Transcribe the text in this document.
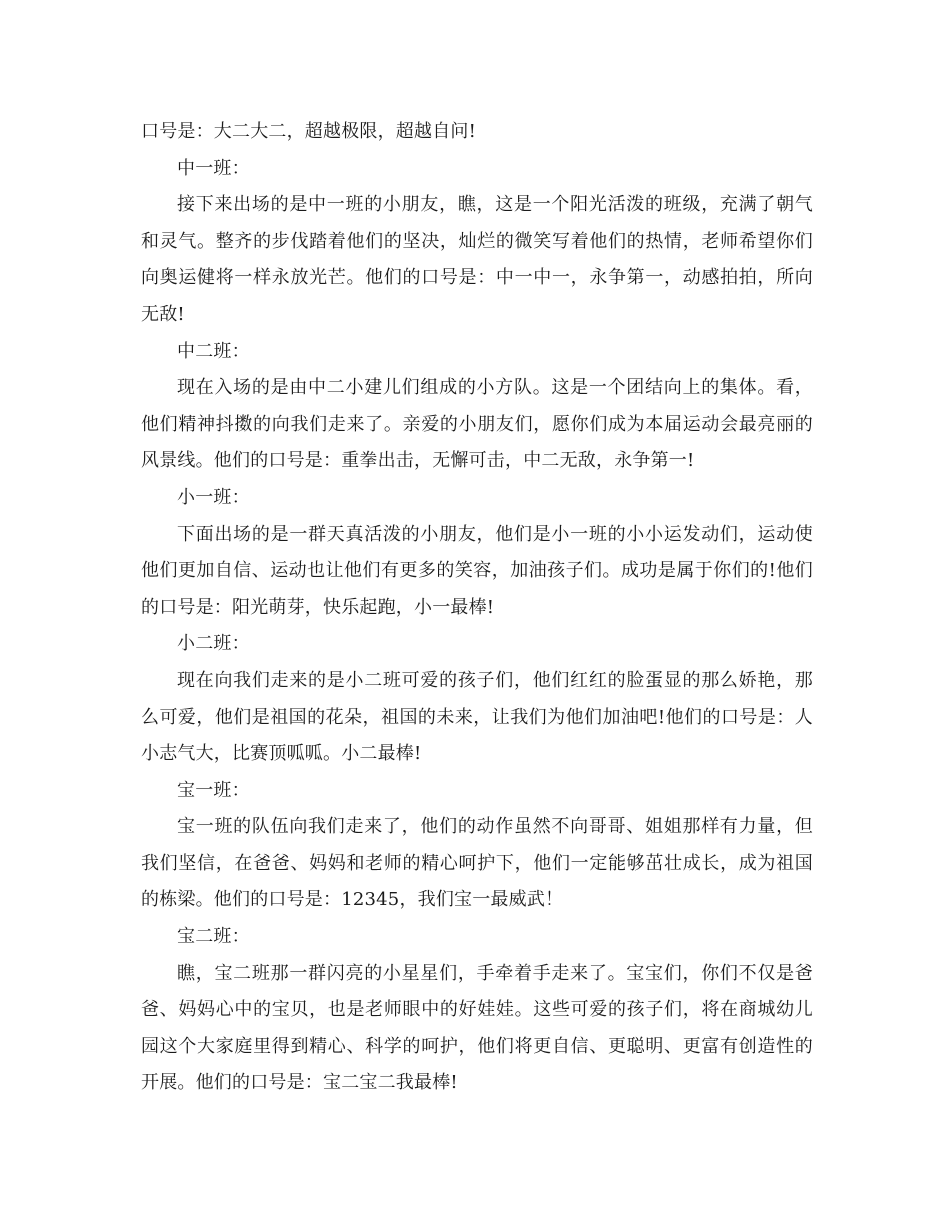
口号是：大二大二，超越极限，超越自问!

中一班：

接下来出场的是中一班的小朋友，瞧，这是一个阳光活泼的班级，充满了朝气和灵气。整齐的步伐踏着他们的坚决，灿烂的微笑写着他们的热情，老师希望你们向奥运健将一样永放光芒。他们的口号是：中一中一，永争第一，动感拍拍，所向无敌!

中二班：

现在入场的是由中二小建儿们组成的小方队。这是一个团结向上的集体。看，他们精神抖擞的向我们走来了。亲爱的小朋友们，愿你们成为本届运动会最亮丽的风景线。他们的口号是：重拳出击，无懈可击，中二无敌，永争第一!

小一班：

下面出场的是一群天真活泼的小朋友，他们是小一班的小小运发动们，运动使他们更加自信、运动也让他们有更多的笑容，加油孩子们。成功是属于你们的!他们的口号是：阳光萌芽，快乐起跑，小一最棒!

小二班：

现在向我们走来的是小二班可爱的孩子们，他们红红的脸蛋显的那么娇艳，那么可爱，他们是祖国的花朵，祖国的未来，让我们为他们加油吧!他们的口号是：人小志气大，比赛顶呱呱。小二最棒!

宝一班：

宝一班的队伍向我们走来了，他们的动作虽然不向哥哥、姐姐那样有力量，但我们坚信，在爸爸、妈妈和老师的精心呵护下，他们一定能够茁壮成长，成为祖国的栋梁。他们的口号是：12345，我们宝一最威武！

宝二班：

瞧，宝二班那一群闪亮的小星星们，手牵着手走来了。宝宝们，你们不仅是爸爸、妈妈心中的宝贝，也是老师眼中的好娃娃。这些可爱的孩子们，将在商城幼儿园这个大家庭里得到精心、科学的呵护，他们将更自信、更聪明、更富有创造性的开展。他们的口号是：宝二宝二我最棒!
